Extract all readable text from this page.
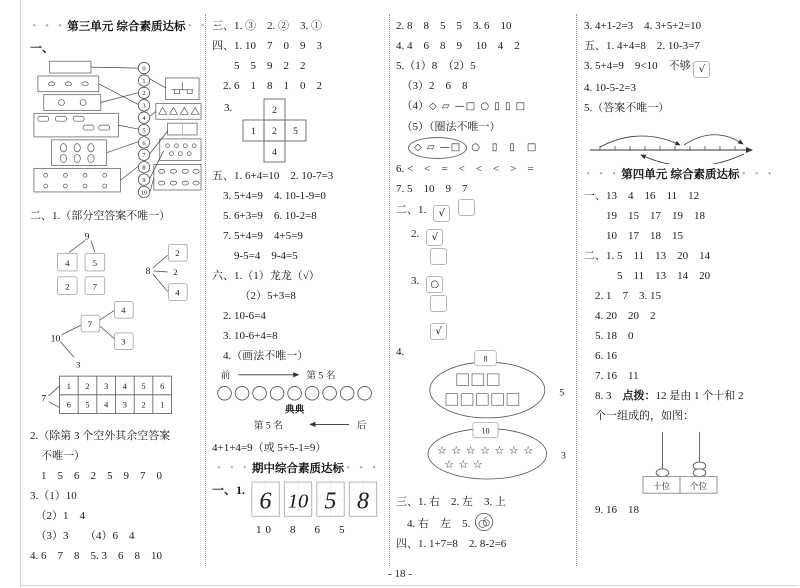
• • • 第三单元 综合素质达标 • • •
一、
0
1
2
3
4
5
6
7
8
9
10
二、1.（部分空答案不唯一）
9
4	5
2	7
8
2
2
4
10
7
3
4
3
7
1 2 3 4 5 6
6 5 4 3 2 1
2.（除第 3 个空外其余空答案
　不唯一）
　1　5　6　2　5　9　7　0
3.（1）10
　（2）1　4
　（3）3　　（4）6　4
4. 6　7　8　5. 3　6　8　10
三、1. ③　2. ②　3. ①
四、1. 10　7　0　9　3
　　5　5　9　2　2
　2. 6　1　8　1　0　2
3.	2
1 2 5
4
五、1. 6+4=10　2. 10-7=3
　3. 5+4=9　4. 10-1-9=0
　5. 6+3=9　6. 10-2=8
　7. 5+4=9　4+5=9
　　9-5=4　9-4=5
六、1.（1）龙龙（√）
　　　（2）5+3=8
　2. 10-6=4
　3. 10-6+4=8
　4.（画法不唯一）
前	第 5 名
典典
第 5 名	后
4+1+4=9（或 5+5-1=9）
• • • 期中综合素质达标 • • •
一、1. 6 10 5 8
10　8　6　5
2. 8　8　5　5　3. 6　10
4. 4　6　8　9　 10　4　2
5.（1）8　（2）5
　（3）2　6　8
　（4）◇ ▱ —□ ○ ▯ ▯ □
　（5）（圈法不唯一）
◇ ▱ —□ ○　▯　▯　□
6. <　<　=　<　<　<　>　=
7. 5　10　9　7
二、1. √
2. √
3. ○
√
4.
8
5
10
☆ ☆ ☆ ☆ ☆ ☆ ☆
☆ ☆ ☆
3
三、1. 右　2. 左　3. 上
　4. 右　左　5.
四、1. 1+7=8　2. 8-2=6
3. 4+1-2=3　4. 3+5+2=10
五、1. 4+4=8　2. 10-3=7
3. 5+4=9　9<10　不够 √
4. 10-5-2=3
5.（答案不唯一）
• • • 第四单元 综合素质达标 • • •
一、13　4　16　11　12
　　19　15　17　19　18
　　10　17　18　15
二、1. 5　11　13　20　14
　　　5　11　13　14　20
　2. 1　7　3. 15
　4. 20　20　2
　5. 18　0
　6. 16
　7. 16　11
　8. 3　点拨：12 是由 1 个十和 2
　个一组成的，如图：
十位 个位
　9. 16　18
- 18 -
